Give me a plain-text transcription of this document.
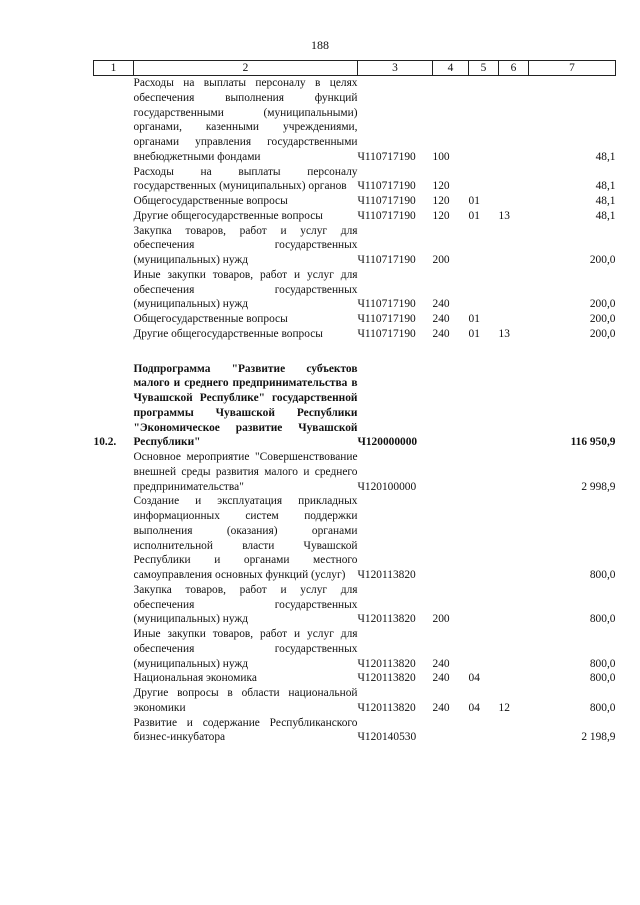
188
1	2	3	4	5	6	7
	Расходы на выплаты персоналу в целях обеспечения выполнения функций государственными (муниципальными) органами, казенными учреждениями, органами управления государственными внебюджетными фондами	Ч110717190	100			48,1
	Расходы на выплаты персоналу государственных (муниципальных) органов	Ч110717190	120			48,1
	Общегосударственные вопросы	Ч110717190	120	01		48,1
	Другие общегосударственные вопросы	Ч110717190	120	01	13	48,1
	Закупка товаров, работ и услуг для обеспечения государственных (муниципальных) нужд	Ч110717190	200			200,0
	Иные закупки товаров, работ и услуг для обеспечения государственных (муниципальных) нужд	Ч110717190	240			200,0
	Общегосударственные вопросы	Ч110717190	240	01		200,0
	Другие общегосударственные вопросы	Ч110717190	240	01	13	200,0

10.2.	Подпрограмма "Развитие субъектов малого и среднего предпринимательства в Чувашской Республике" государственной программы Чувашской Республики "Экономическое развитие Чувашской Республики"	Ч120000000				116 950,9
	Основное мероприятие "Совершенствование внешней среды развития малого и среднего предпринимательства"	Ч120100000				2 998,9
	Создание и эксплуатация прикладных информационных систем поддержки выполнения (оказания) органами исполнительной власти Чувашской Республики и органами местного самоуправления основных функций (услуг)	Ч120113820				800,0
	Закупка товаров, работ и услуг для обеспечения государственных (муниципальных) нужд	Ч120113820	200			800,0
	Иные закупки товаров, работ и услуг для обеспечения государственных (муниципальных) нужд	Ч120113820	240			800,0
	Национальная экономика	Ч120113820	240	04		800,0
	Другие вопросы в области национальной экономики	Ч120113820	240	04	12	800,0
	Развитие и содержание Республиканского бизнес-инкубатора	Ч120140530				2 198,9
